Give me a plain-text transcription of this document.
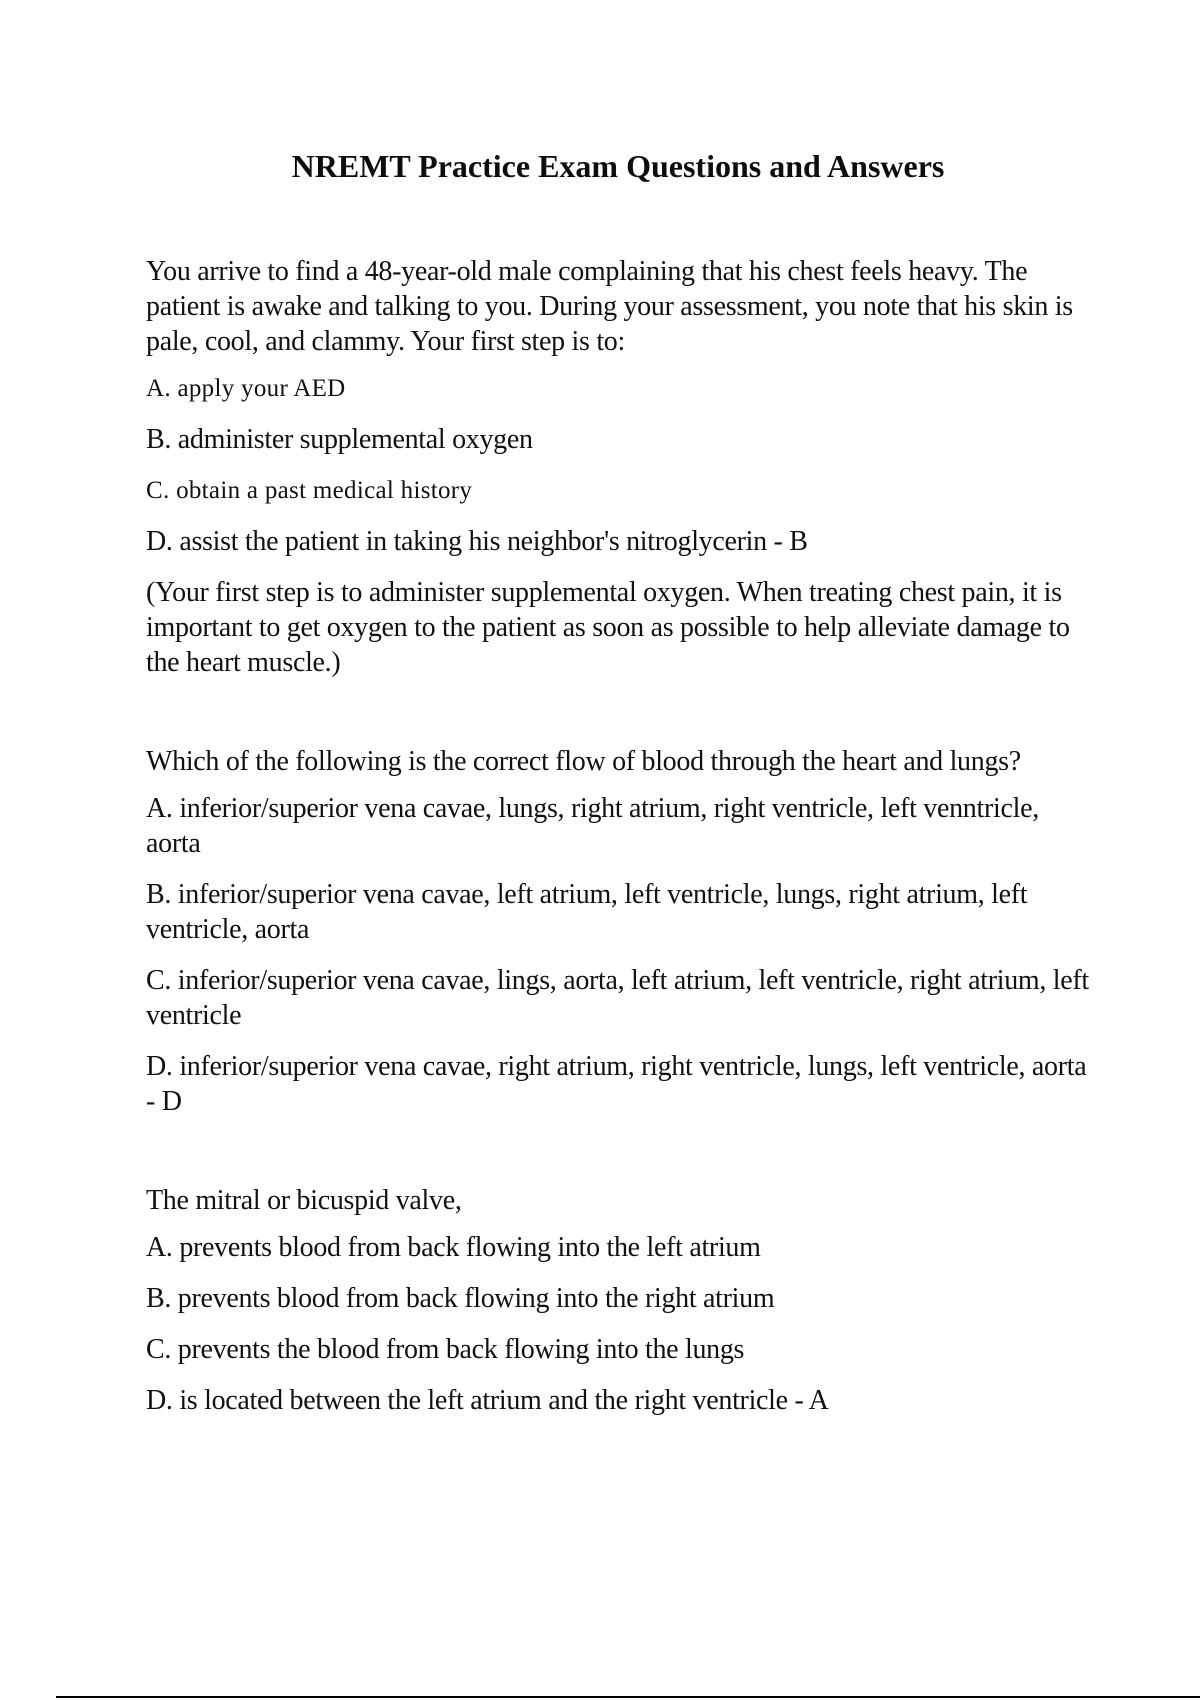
NREMT Practice Exam Questions and Answers
You arrive to find a 48-year-old male complaining that his chest feels heavy. The patient is awake and talking to you. During your assessment, you note that his skin is pale, cool, and clammy. Your first step is to:
A. apply your AED
B. administer supplemental oxygen
C. obtain a past medical history
D. assist the patient in taking his neighbor's nitroglycerin - B
(Your first step is to administer supplemental oxygen. When treating chest pain, it is important to get oxygen to the patient as soon as possible to help alleviate damage to the heart muscle.)
Which of the following is the correct flow of blood through the heart and lungs?
A. inferior/superior vena cavae, lungs, right atrium, right ventricle, left venntricle, aorta
B. inferior/superior vena cavae, left atrium, left ventricle, lungs, right atrium, left ventricle, aorta
C. inferior/superior vena cavae, lings, aorta, left atrium, left ventricle, right atrium, left ventricle
D. inferior/superior vena cavae, right atrium, right ventricle, lungs, left ventricle, aorta - D
The mitral or bicuspid valve,
A. prevents blood from back flowing into the left atrium
B. prevents blood from back flowing into the right atrium
C. prevents the blood from back flowing into the lungs
D. is located between the left atrium and the right ventricle - A
